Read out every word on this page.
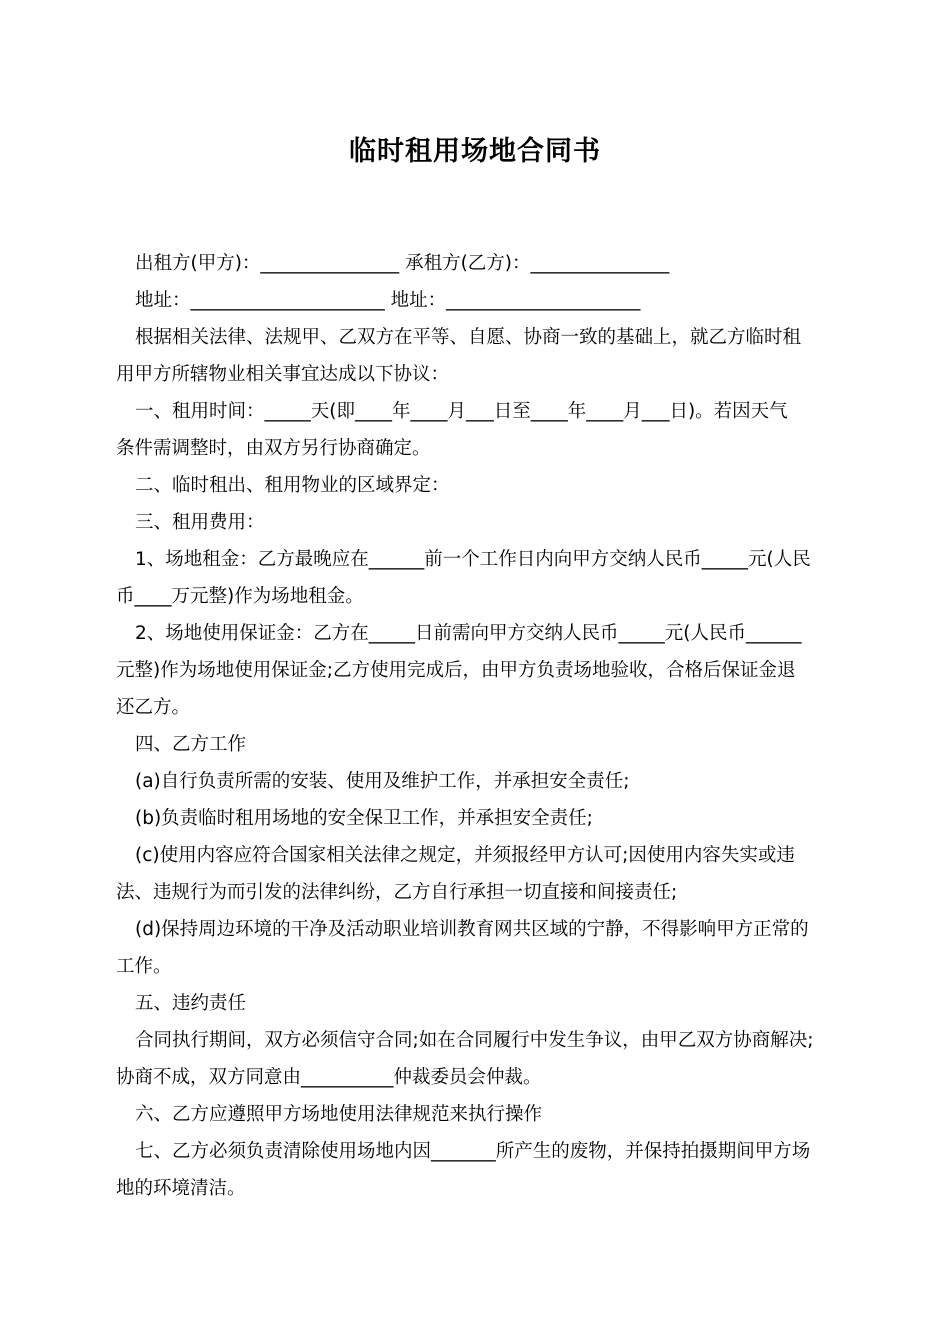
临时租用场地合同书
出租方(甲方)：_______________ 承租方(乙方)：_______________
地址：_____________________ 地址：_____________________
根据相关法律、法规甲、乙双方在平等、自愿、协商一致的基础上，就乙方临时租
用甲方所辖物业相关事宜达成以下协议：
一、租用时间：_____天(即____年____月___日至____年____月___日)。若因天气
条件需调整时，由双方另行协商确定。
二、临时租出、租用物业的区域界定：
三、租用费用：
1、场地租金：乙方最晚应在______前一个工作日内向甲方交纳人民币_____元(人民
币____万元整)作为场地租金。
2、场地使用保证金：乙方在_____日前需向甲方交纳人民币_____元(人民币______
元整)作为场地使用保证金;乙方使用完成后，由甲方负责场地验收，合格后保证金退
还乙方。
四、乙方工作
(a)自行负责所需的安装、使用及维护工作，并承担安全责任;
(b)负责临时租用场地的安全保卫工作，并承担安全责任;
(c)使用内容应符合国家相关法律之规定，并须报经甲方认可;因使用内容失实或违
法、违规行为而引发的法律纠纷，乙方自行承担一切直接和间接责任;
(d)保持周边环境的干净及活动职业培训教育网共区域的宁静，不得影响甲方正常的
工作。
五、违约责任
合同执行期间，双方必须信守合同;如在合同履行中发生争议，由甲乙双方协商解决;
协商不成，双方同意由__________仲裁委员会仲裁。
六、乙方应遵照甲方场地使用法律规范来执行操作
七、乙方必须负责清除使用场地内因_______所产生的废物，并保持拍摄期间甲方场
地的环境清洁。
